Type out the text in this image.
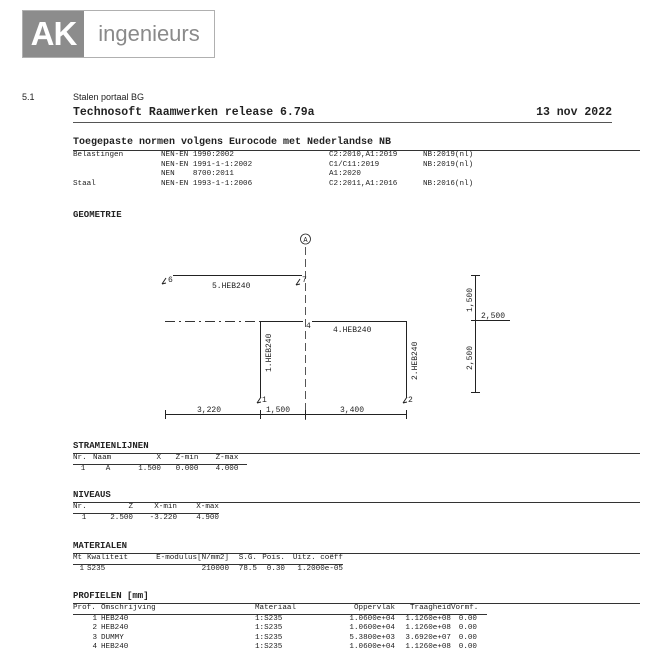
AK ingenieurs
5.1	Stalen portaal BG
Technosoft Raamwerken release 6.79a	13 nov 2022
Toegepaste normen volgens Eurocode met Nederlandse NB
Belastingen	NEN-EN 1990:2002	C2:2010,A1:2019	NB:2019(nl)
	NEN-EN 1991-1-1:2002	C1/C11:2019	NB:2019(nl)
	NEN    8700:2011	A1:2020	
Staal	NEN-EN 1993-1-1:2006	C2:2011,A1:2016	NB:2016(nl)
GEOMETRIE
A
6	7
4
1	2
5.HEB240
4.HEB240
1.HEB240	2.HEB240
3,220	1,500	3,400
1,500
2,500
2,500
STRAMIENLIJNEN
Nr.	Naam	X	Z-min	Z-max
1	A	1.500	0.000	4.000
NIVEAUS
Nr.	Z	X-min	X-max
1	2.500	-3.220	4.900
MATERIALEN
Mt	Kwaliteit	E-modulus[N/mm2]	S.G.	Pois.	Uitz. coëff
1	S235	210000	78.5	0.30	1.2000e-05
PROFIELEN [mm]
Prof.	Omschrijving	Materiaal	Oppervlak	Traagheid	Vormf.
1	HEB240	1:S235	1.0600e+04	1.1260e+08	0.00
2	HEB240	1:S235	1.0600e+04	1.1260e+08	0.00
3	DUMMY	1:S235	5.3800e+03	3.6920e+07	0.00
4	HEB240	1:S235	1.0600e+04	1.1260e+08	0.00
